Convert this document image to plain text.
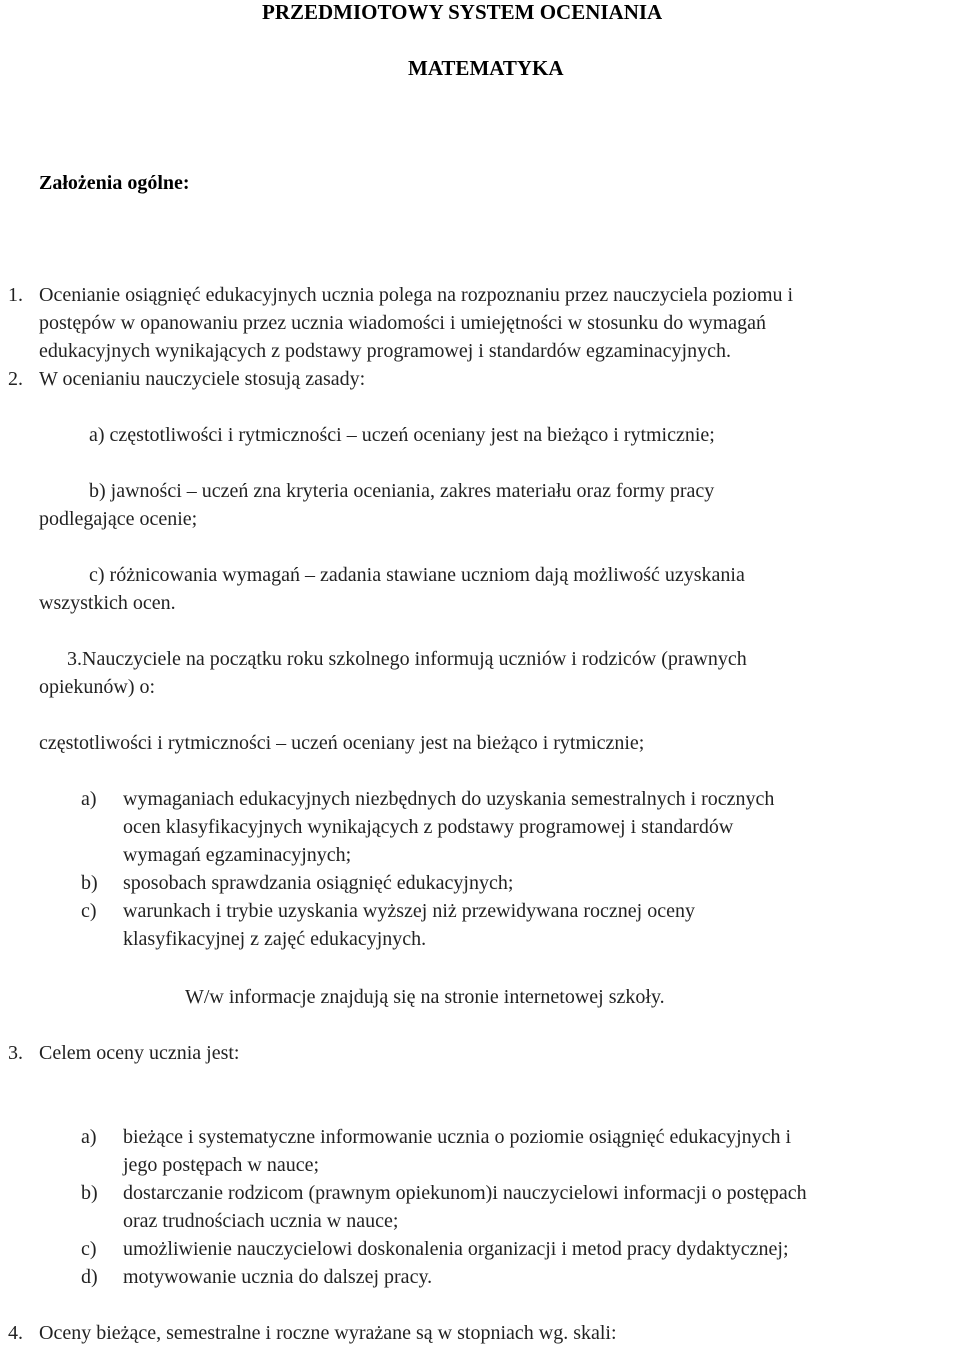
PRZEDMIOTOWY SYSTEM OCENIANIA
MATEMATYKA
Założenia ogólne:
1. Ocenianie osiągnięć edukacyjnych ucznia polega na rozpoznaniu przez nauczyciela poziomu i
postępów w opanowaniu przez ucznia wiadomości i umiejętności w stosunku do wymagań
edukacyjnych wynikających z podstawy programowej i standardów egzaminacyjnych.
2. W ocenianiu nauczyciele stosują zasady:
a) częstotliwości i rytmiczności – uczeń oceniany jest na bieżąco i rytmicznie;
b) jawności – uczeń zna kryteria oceniania, zakres materiału oraz formy pracy
podlegające ocenie;
c) różnicowania wymagań – zadania stawiane uczniom dają możliwość uzyskania
wszystkich ocen.
3.Nauczyciele na początku roku szkolnego informują uczniów i rodziców (prawnych
opiekunów) o:
częstotliwości i rytmiczności – uczeń oceniany jest na bieżąco i rytmicznie;
a) wymaganiach edukacyjnych niezbędnych do uzyskania semestralnych i rocznych
ocen klasyfikacyjnych wynikających z podstawy programowej i standardów
wymagań egzaminacyjnych;
b) sposobach sprawdzania osiągnięć edukacyjnych;
c) warunkach i trybie uzyskania wyższej niż przewidywana rocznej oceny
klasyfikacyjnej z zajęć edukacyjnych.
W/w informacje znajdują się na stronie internetowej szkoły.
3. Celem oceny ucznia jest:
a) bieżące i systematyczne informowanie ucznia o poziomie osiągnięć edukacyjnych i
jego postępach w nauce;
b) dostarczanie rodzicom (prawnym opiekunom)i nauczycielowi informacji o postępach
oraz trudnościach ucznia w nauce;
c) umożliwienie nauczycielowi doskonalenia organizacji i metod pracy dydaktycznej;
d) motywowanie ucznia do dalszej pracy.
4. Oceny bieżące, semestralne i roczne wyrażane są w stopniach wg. skali:
